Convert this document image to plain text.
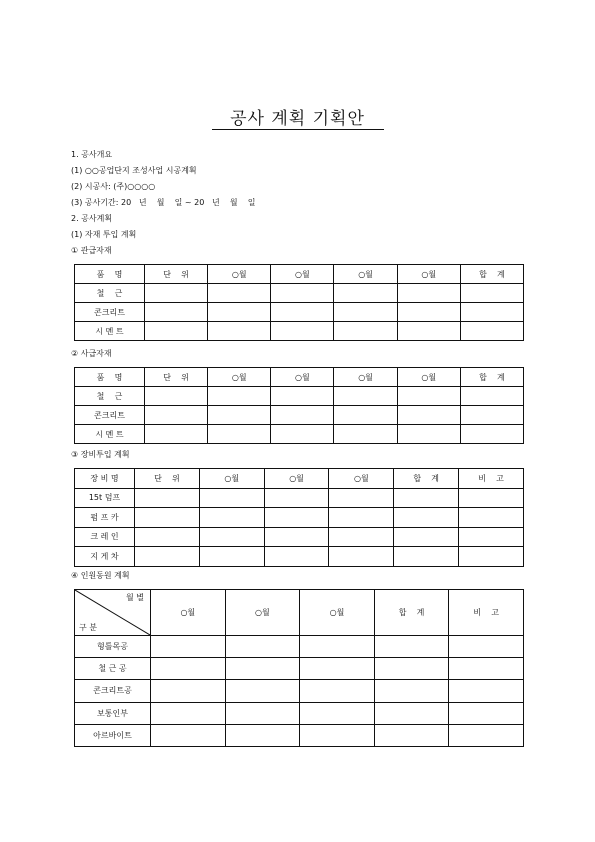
공사 계획 기획안
1. 공사개요
(1) ○○공업단지 조성사업 시공계획
(2) 시공사: (주)○○○○
(3) 공사기간: 20   년    월    일 ~ 20   년    월    일
2. 공사계획
(1) 자재 투입 계획
① 관급자재
품    명	단    위	○월	○월	○월	○월	합    계
철    근						
콘크리트						
시 멘 트						
② 사급자재
품    명	단    위	○월	○월	○월	○월	합    계
철    근						
콘크리트						
시 멘 트						
③ 장비투입 계획
장 비 명	단    위	○월	○월	○월	합    계	비    고
15t 덤프						
펌 프 카						
크 레 인						
지 게 차						
④ 인원동원 계획

월 별

구 분	○월	○월	○월	합    계	비    고
형틀목공					
철 근 공					
콘크리트공					
보통인부					
아르바이트					
